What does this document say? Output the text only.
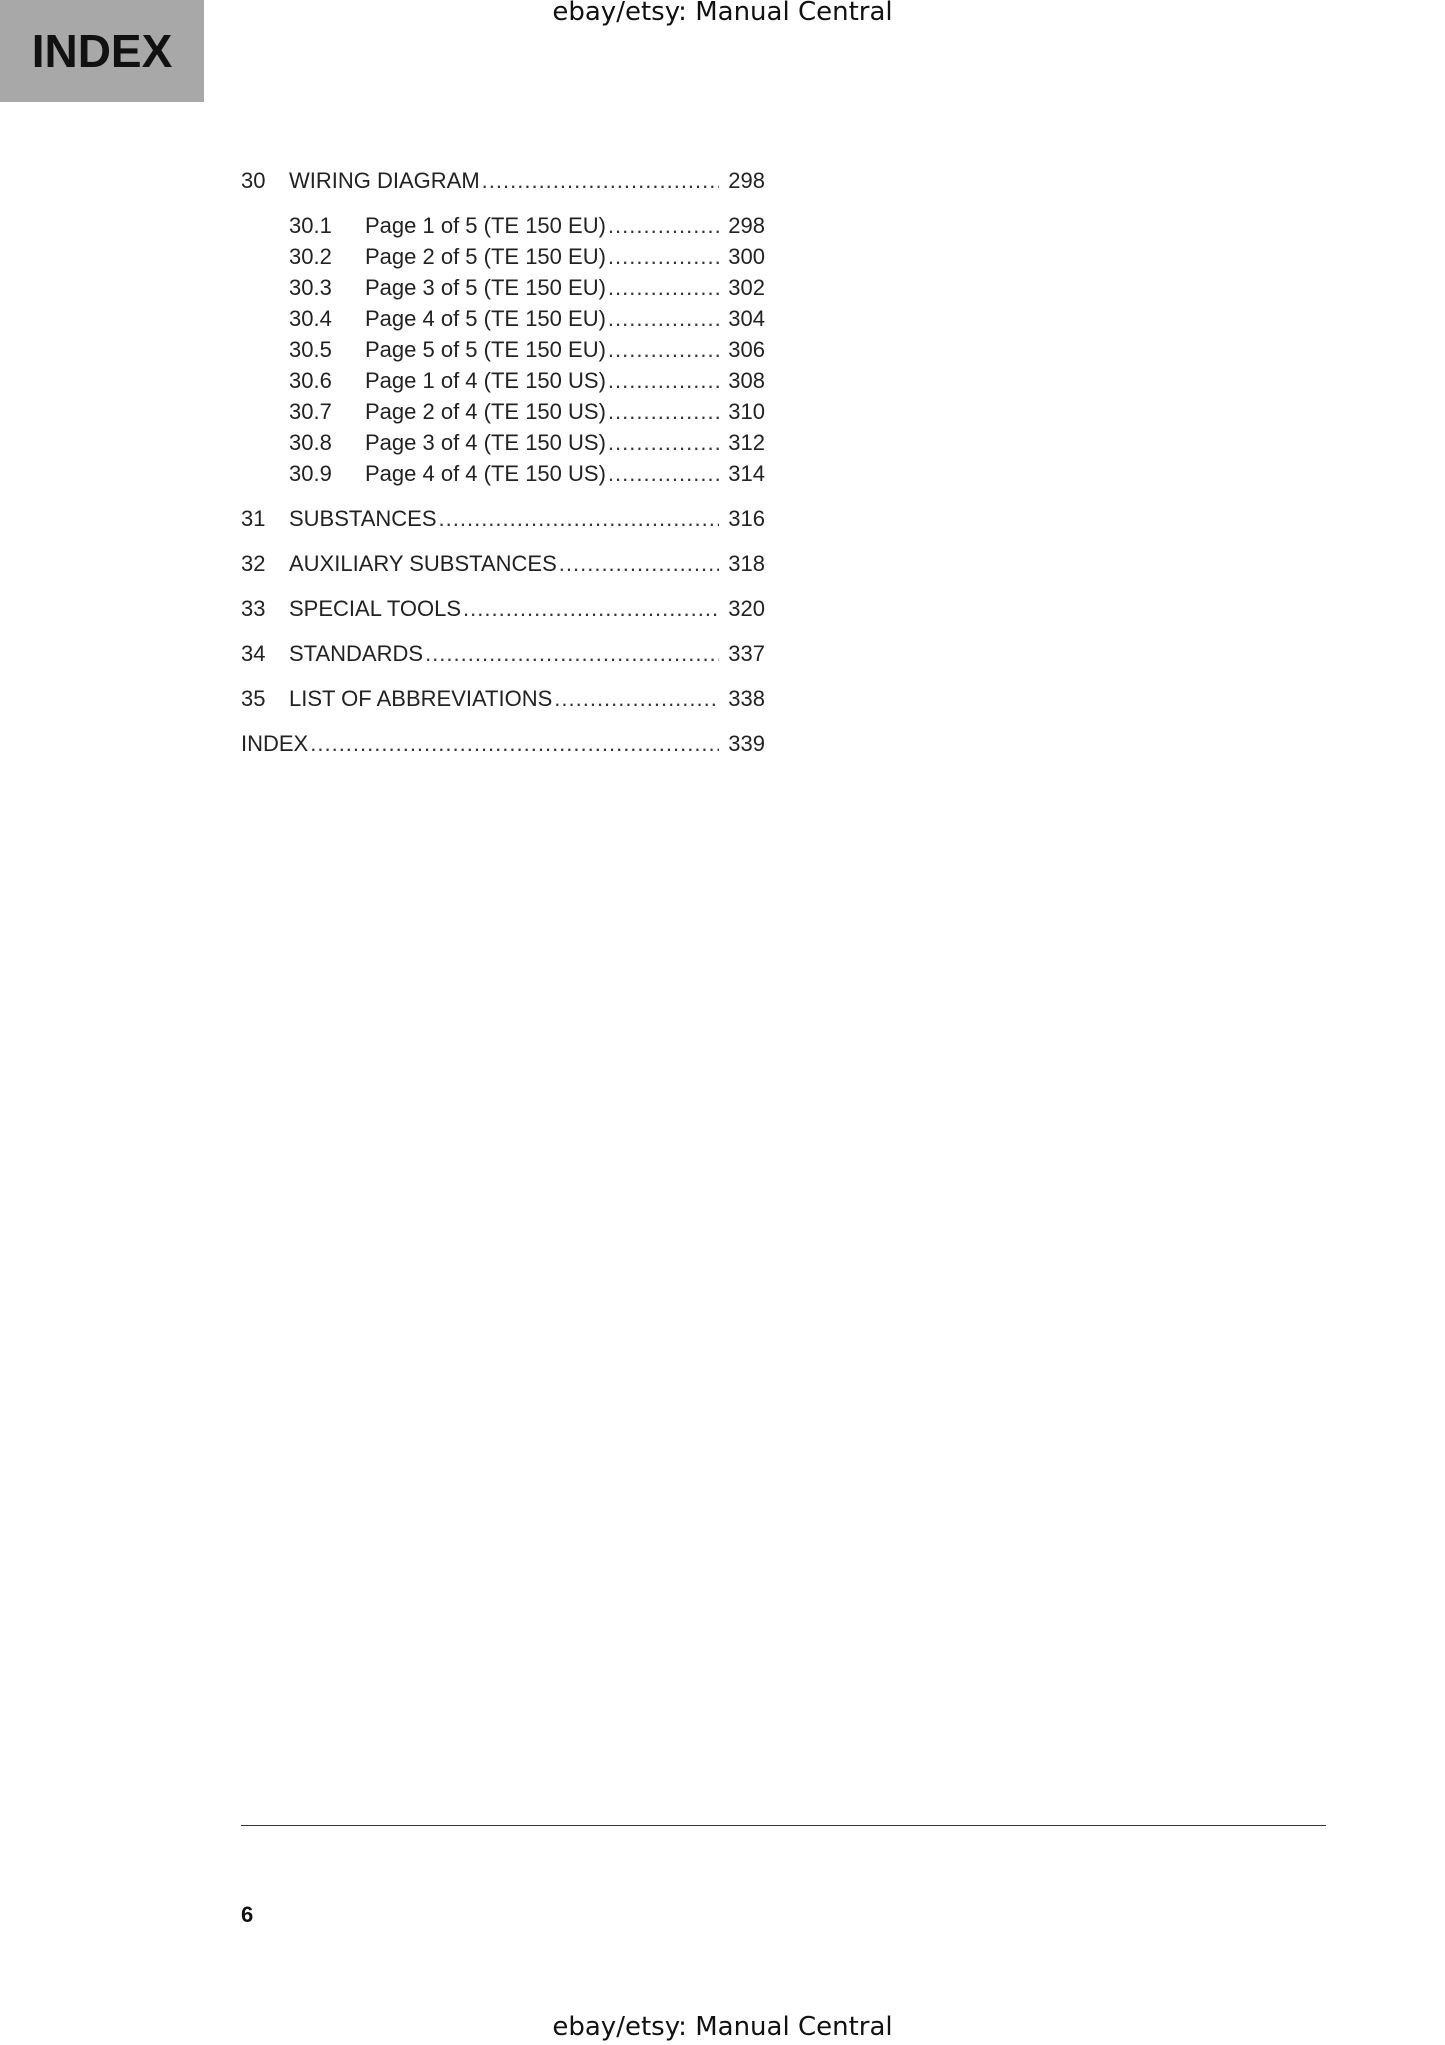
INDEX
ebay/etsy: Manual Central
30	WIRING DIAGRAM .....	298
30.1	Page 1 of 5 (TE 150 EU) .....	298
30.2	Page 2 of 5 (TE 150 EU) .....	300
30.3	Page 3 of 5 (TE 150 EU) .....	302
30.4	Page 4 of 5 (TE 150 EU) .....	304
30.5	Page 5 of 5 (TE 150 EU) .....	306
30.6	Page 1 of 4 (TE 150 US) .....	308
30.7	Page 2 of 4 (TE 150 US) .....	310
30.8	Page 3 of 4 (TE 150 US) .....	312
30.9	Page 4 of 4 (TE 150 US) .....	314
31	SUBSTANCES .....	316
32	AUXILIARY SUBSTANCES .....	318
33	SPECIAL TOOLS .....	320
34	STANDARDS .....	337
35	LIST OF ABBREVIATIONS .....	338
INDEX .....	339
6
ebay/etsy: Manual Central
